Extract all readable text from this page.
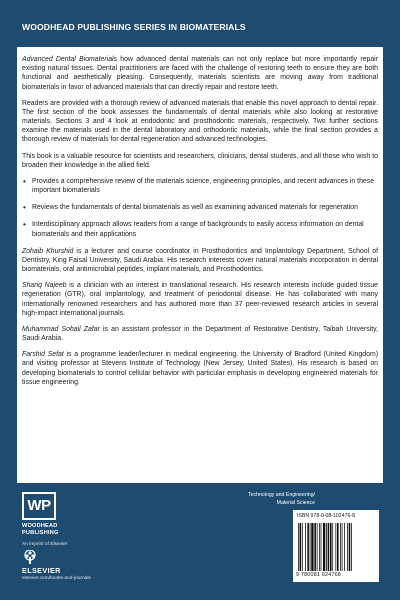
WOODHEAD PUBLISHING SERIES IN BIOMATERIALS

Advanced Dental Biomaterials how advanced dental materials can not only replace but more importantly repair existing natural tissues. Dental practitioners are faced with the challenge of restoring teeth to ensure they are both functional and aesthetically pleasing. Consequently, materials scientists are moving away from traditional biomaterials in favor of advanced materials that can directly repair and restore teeth.

Readers are provided with a thorough review of advanced materials that enable this novel approach to dental repair. The first section of the book assesses the fundamentals of dental materials while also looking at restorative materials. Sections 3 and 4 look at endodontic and prosthodontic materials, respectively. Two further sections examine the materials used in the dental laboratory and orthodontic materials, while the final section provides a thorough review of materials for dental regeneration and advanced technologies.

This book is a valuable resource for scientists and researchers, clinicians, dental students, and all those who wish to broaden their knowledge in the allied field.

• Provides a comprehensive review of the materials science, engineering principles, and recent advances in these important biomaterials
• Reviews the fundamentals of dental biomaterials as well as examining advanced materials for regeneration
• Interdisciplinary approach allows readers from a range of backgrounds to easily access information on dental biomaterials and their applications

Zohaib Khurshid is a lecturer and course coordinator in Prosthodontics and Implantology Department, School of Dentistry, King Faisal University, Saudi Arabia. His research interests cover natural materials incorporation in dental biomaterials, oral antimicrobial peptides, implant materials, and Prosthodontics.

Shariq Najeeb is a clinician with an interest in translational research. His research interests include guided tissue regeneration (GTR), oral implantology, and treatment of periodontal disease. He has collaborated with many internationally renowned researchers and has authored more than 37 peer-reviewed research articles in several high-impact international journals.

Muhammad Sohail Zafar is an assistant professor in the Department of Restorative Dentistry, Taibah University, Saudi Arabia.

Farshid Sefat is a programme leader/lecturer in medical engineering, the University of Bradford (United Kingdom) and visiting professor at Stevens Institute of Technology (New Jersey, United States). His research is based on developing biomaterials to control cellular behavior with particular emphasis in developing engineered materials for tissue engineering.

WP
WOODHEAD
PUBLISHING
An imprint of Elsevier
ELSEVIER
elsevier.com/books-and-journals
Technology and Engineering/
Material Science
ISBN 978-0-08-102476-8
9 780081 024768
